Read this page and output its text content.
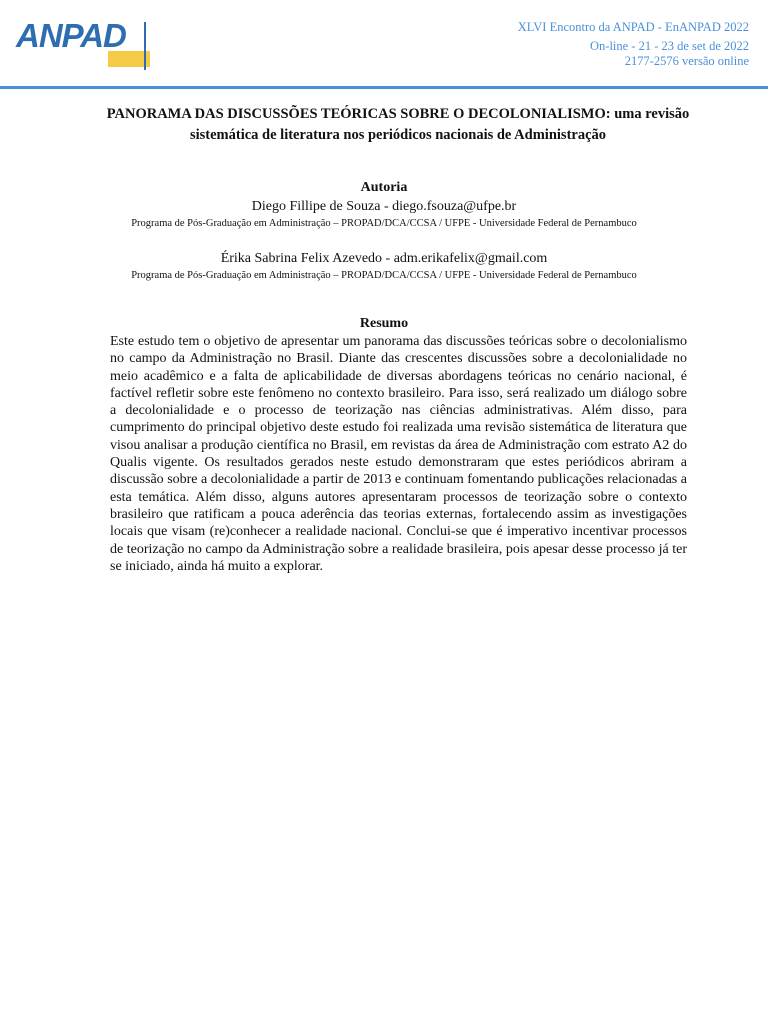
ANPAD	XLVI Encontro da ANPAD - EnANPAD 2022
On-line - 21 - 23 de set de 2022
2177-2576 versão online
PANORAMA DAS DISCUSSÕES TEÓRICAS SOBRE O DECOLONIALISMO: uma revisão sistemática de literatura nos periódicos nacionais de Administração
Autoria
Diego Fillipe de Souza - diego.fsouza@ufpe.br
Programa de Pós-Graduação em Administração – PROPAD/DCA/CCSA / UFPE - Universidade Federal de Pernambuco
Érika Sabrina Felix Azevedo - adm.erikafelix@gmail.com
Programa de Pós-Graduação em Administração – PROPAD/DCA/CCSA / UFPE - Universidade Federal de Pernambuco
Resumo
Este estudo tem o objetivo de apresentar um panorama das discussões teóricas sobre o decolonialismo no campo da Administração no Brasil. Diante das crescentes discussões sobre a decolonialidade no meio acadêmico e a falta de aplicabilidade de diversas abordagens teóricas no cenário nacional, é factível refletir sobre este fenômeno no contexto brasileiro. Para isso, será realizado um diálogo sobre a decolonialidade e o processo de teorização nas ciências administrativas. Além disso, para cumprimento do principal objetivo deste estudo foi realizada uma revisão sistemática de literatura que visou analisar a produção científica no Brasil, em revistas da área de Administração com estrato A2 do Qualis vigente. Os resultados gerados neste estudo demonstraram que estes periódicos abriram a discussão sobre a decolonialidade a partir de 2013 e continuam fomentando publicações relacionadas a esta temática. Além disso, alguns autores apresentaram processos de teorização sobre o contexto brasileiro que ratificam a pouca aderência das teorias externas, fortalecendo assim as investigações locais que visam (re)conhecer a realidade nacional. Conclui-se que é imperativo incentivar processos de teorização no campo da Administração sobre a realidade brasileira, pois apesar desse processo já ter se iniciado, ainda há muito a explorar.
